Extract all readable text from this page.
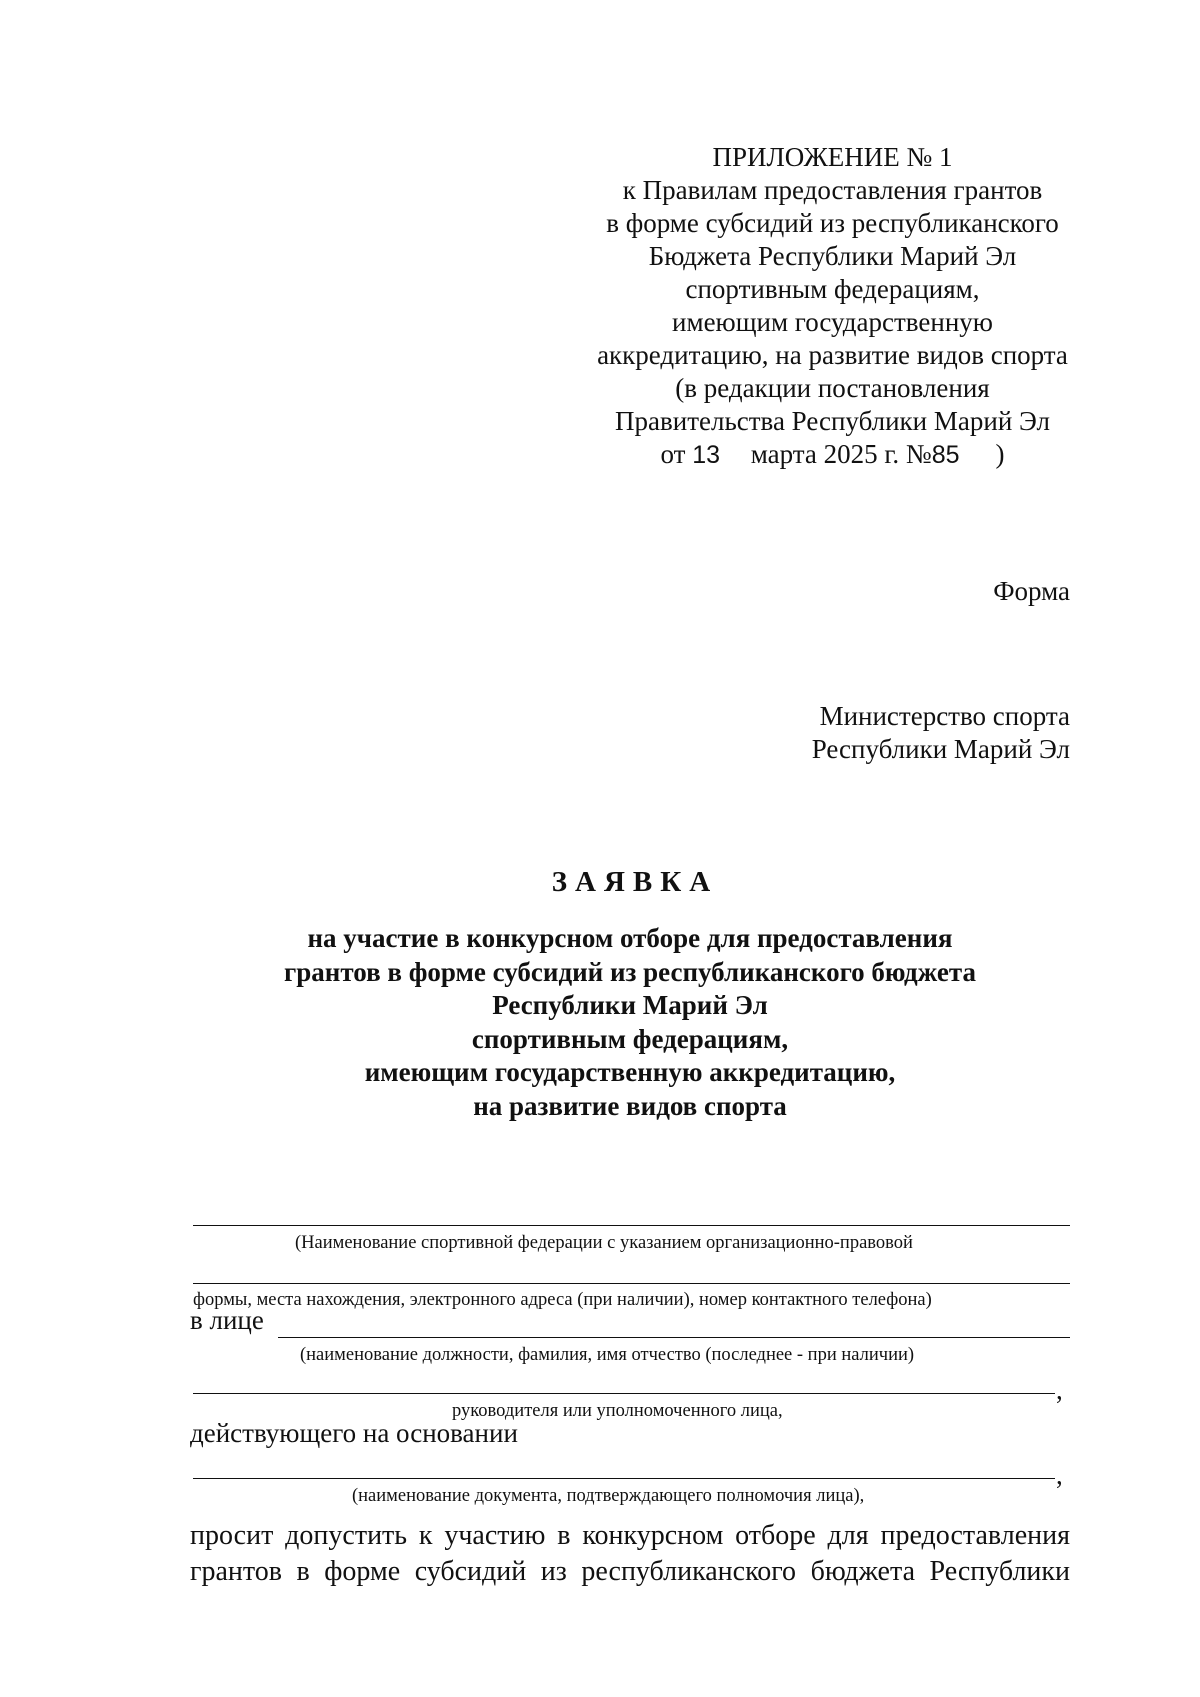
ПРИЛОЖЕНИЕ № 1
к Правилам предоставления грантов
в форме субсидий из республиканского
Бюджета Республики Марий Эл
спортивным федерациям,
имеющим государственную
аккредитацию, на развитие видов спорта
(в редакции постановления
Правительства Республики Марий Эл
от 13 марта 2025 г. №85 )
Форма
Министерство спорта
Республики Марий Эл
ЗАЯВКА
на участие в конкурсном отборе для предоставления
грантов в форме субсидий из республиканского бюджета
Республики Марий Эл
спортивным федерациям,
имеющим государственную аккредитацию,
на развитие видов спорта
(Наименование спортивной федерации с указанием организационно-правовой
формы, места нахождения, электронного адреса (при наличии), номер контактного телефона)
в лице
(наименование должности, фамилия, имя отчество (последнее - при наличии)
,
руководителя или уполномоченного лица,
действующего на основании
,
(наименование документа, подтверждающего полномочия лица),
просит допустить к участию в конкурсном отборе для предоставления
грантов в форме субсидий из республиканского бюджета Республики
